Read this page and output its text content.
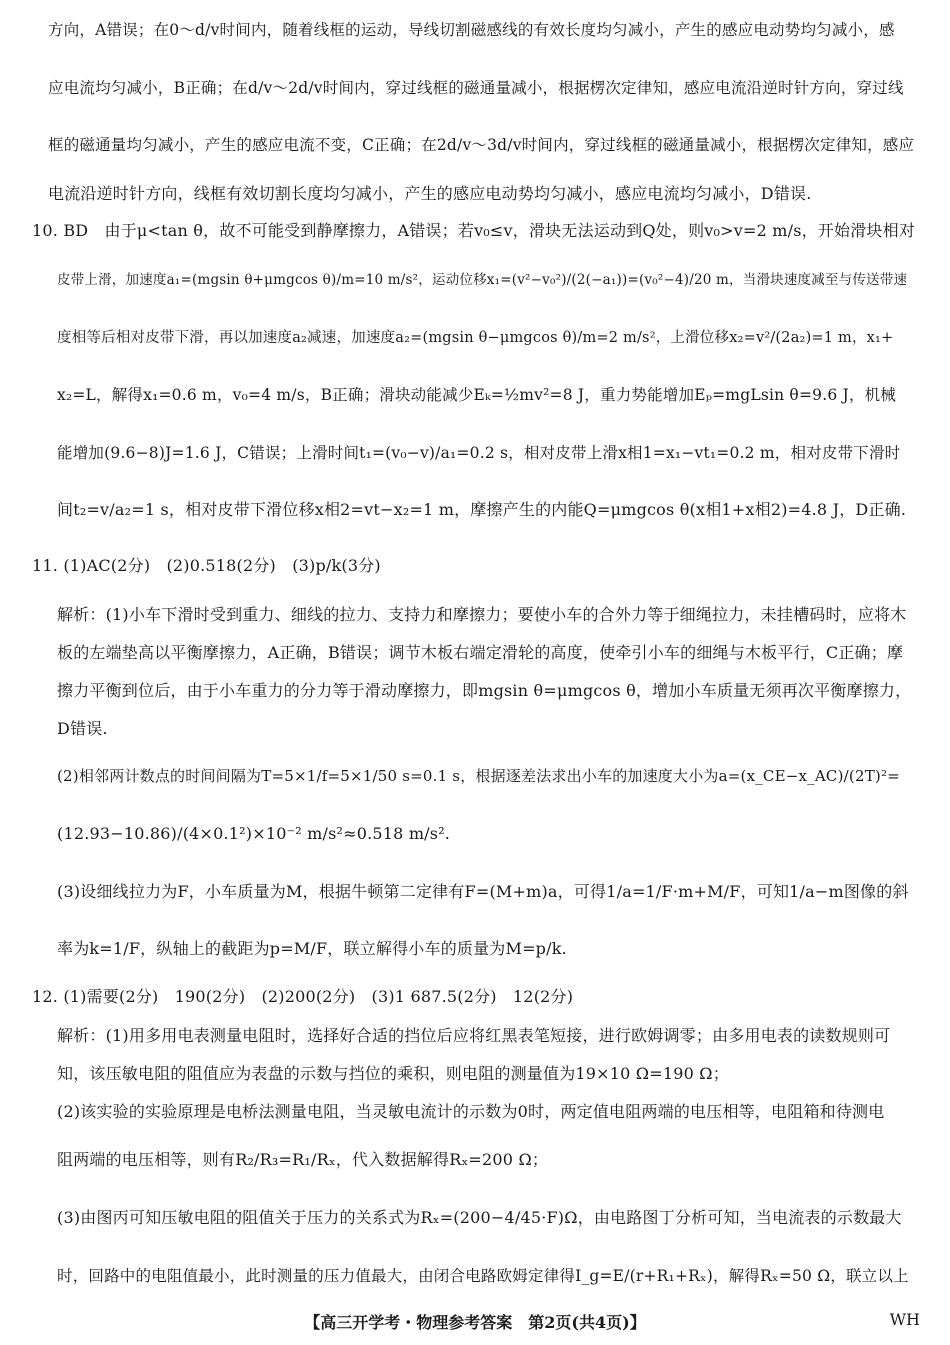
方向，A错误；在0～d/v时间内，随着线框的运动，导线切割磁感线的有效长度均匀减小，产生的感应电动势均匀减小，感
应电流均匀减小，B正确；在d/v～2d/v时间内，穿过线框的磁通量减小，根据楞次定律知，感应电流沿逆时针方向，穿过线
框的磁通量均匀减小，产生的感应电流不变，C正确；在2d/v～3d/v时间内，穿过线框的磁通量减小，根据楞次定律知，感应
电流沿逆时针方向，线框有效切割长度均匀减小，产生的感应电动势均匀减小，感应电流均匀减小，D错误.
10. BD　由于μ<tan θ，故不可能受到静摩擦力，A错误；若v₀≤v，滑块无法运动到Q处，则v₀>v=2 m/s，开始滑块相对
皮带上滑，加速度a₁=(mgsin θ+μmgcos θ)/m=10 m/s²，运动位移x₁=(v²−v₀²)/(2(−a₁))=(v₀²−4)/20 m，当滑块速度减至与传送带速
度相等后相对皮带下滑，再以加速度a₂减速，加速度a₂=(mgsin θ−μmgcos θ)/m=2 m/s²，上滑位移x₂=v²/(2a₂)=1 m，x₁+
x₂=L，解得x₁=0.6 m，v₀=4 m/s，B正确；滑块动能减少Eₖ=½mv²=8 J，重力势能增加Eₚ=mgLsin θ=9.6 J，机械
能增加(9.6−8)J=1.6 J，C错误；上滑时间t₁=(v₀−v)/a₁=0.2 s，相对皮带上滑x相1=x₁−vt₁=0.2 m，相对皮带下滑时
间t₂=v/a₂=1 s，相对皮带下滑位移x相2=vt−x₂=1 m，摩擦产生的内能Q=μmgcos θ(x相1+x相2)=4.8 J，D正确.
11. (1)AC(2分)　(2)0.518(2分)　(3)p/k(3分)
解析：(1)小车下滑时受到重力、细线的拉力、支持力和摩擦力；要使小车的合外力等于细绳拉力，未挂槽码时，应将木
板的左端垫高以平衡摩擦力，A正确，B错误；调节木板右端定滑轮的高度，使牵引小车的细绳与木板平行，C正确；摩
擦力平衡到位后，由于小车重力的分力等于滑动摩擦力，即mgsin θ=μmgcos θ，增加小车质量无须再次平衡摩擦力，
D错误.
(2)相邻两计数点的时间间隔为T=5×1/f=5×1/50 s=0.1 s，根据逐差法求出小车的加速度大小为a=(x_CE−x_AC)/(2T)²=
(12.93−10.86)/(4×0.1²)×10⁻² m/s²≈0.518 m/s².
(3)设细线拉力为F，小车质量为M，根据牛顿第二定律有F=(M+m)a，可得1/a=1/F·m+M/F，可知1/a−m图像的斜
率为k=1/F，纵轴上的截距为p=M/F，联立解得小车的质量为M=p/k.
12. (1)需要(2分)　190(2分)　(2)200(2分)　(3)1 687.5(2分)　12(2分)
解析：(1)用多用电表测量电阻时，选择好合适的挡位后应将红黑表笔短接，进行欧姆调零；由多用电表的读数规则可
知，该压敏电阻的阻值应为表盘的示数与挡位的乘积，则电阻的测量值为19×10 Ω=190 Ω；
(2)该实验的实验原理是电桥法测量电阻，当灵敏电流计的示数为0时，两定值电阻两端的电压相等，电阻箱和待测电
阻两端的电压相等，则有R₂/R₃=R₁/Rₓ，代入数据解得Rₓ=200 Ω；
(3)由图丙可知压敏电阻的阻值关于压力的关系式为Rₓ=(200−4/45·F)Ω，由电路图丁分析可知，当电流表的示数最大
时，回路中的电阻值最小，此时测量的压力值最大，由闭合电路欧姆定律得I_g=E/(r+R₁+Rₓ)，解得Rₓ=50 Ω，联立以上
【高三开学考・物理参考答案　第2页(共4页)】	WH
